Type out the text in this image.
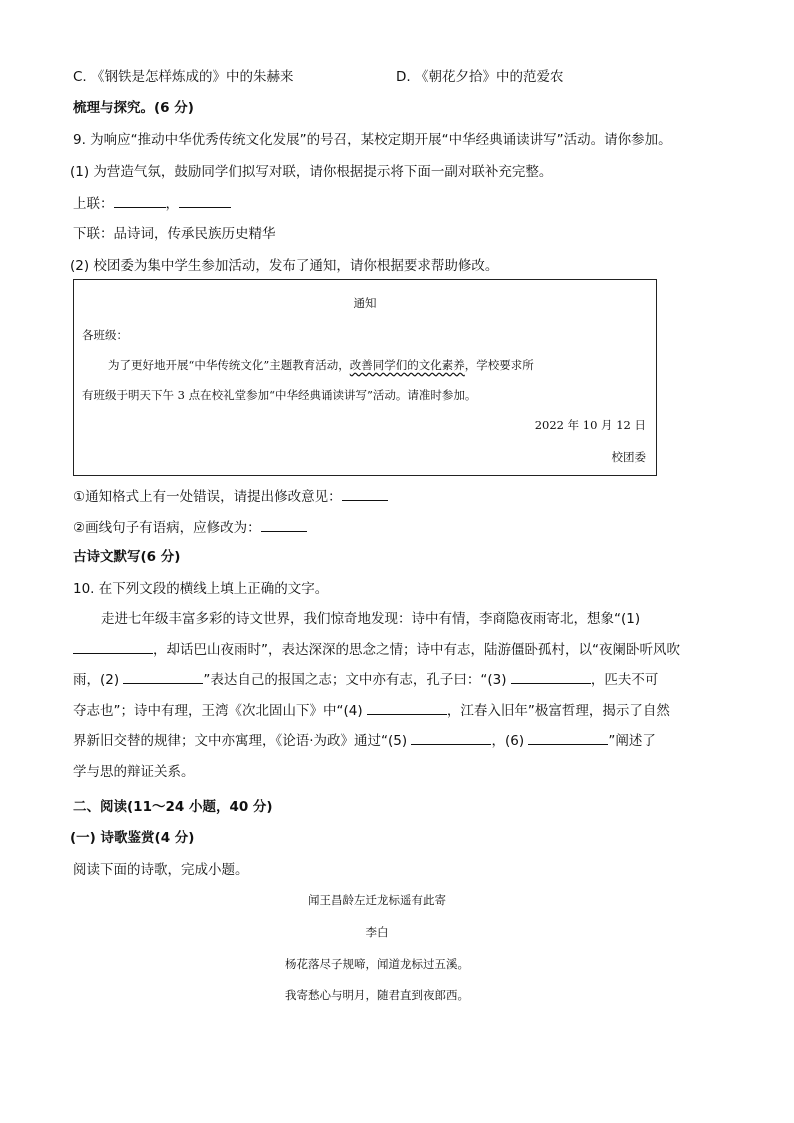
C. 《钢铁是怎样炼成的》中的朱赫来	D. 《朝花夕拾》中的范爱农
梳理与探究。(6 分)
9. 为响应“推动中华优秀传统文化发展”的号召，某校定期开展“中华经典诵读讲写”活动。请你参加。
(1) 为营造气氛，鼓励同学们拟写对联，请你根据提示将下面一副对联补充完整。
上联：	，
下联：品诗词，传承民族历史精华
(2) 校团委为集中学生参加活动，发布了通知，请你根据要求帮助修改。
通知
各班级：
为了更好地开展“中华传统文化”主题教育活动，改善同学们的文化素养，学校要求所
有班级于明天下午 3 点在校礼堂参加“中华经典诵读讲写”活动。请准时参加。
2022 年 10 月 12 日
校团委
①通知格式上有一处错误，请提出修改意见：
②画线句子有语病，应修改为：
古诗文默写(6 分)
10. 在下列文段的横线上填上正确的文字。
走进七年级丰富多彩的诗文世界，我们惊奇地发现：诗中有情，李商隐夜雨寄北，想象“(1)
，却话巴山夜雨时”，表达深深的思念之情；诗中有志，陆游僵卧孤村，以“夜阑卧听风吹
雨，(2)	”表达自己的报国之志；文中亦有志，孔子曰：“(3)	，匹夫不可
夺志也”；诗中有理，王湾《次北固山下》中“(4)	，江春入旧年”极富哲理，揭示了自然
界新旧交替的规律；文中亦寓理，《论语·为政》通过“(5)	，(6)	”阐述了
学与思的辩证关系。
二、阅读(11～24 小题，40 分)
(一) 诗歌鉴赏(4 分)
阅读下面的诗歌，完成小题。
闻王昌龄左迁龙标遥有此寄
李白
杨花落尽子规啼，闻道龙标过五溪。
我寄愁心与明月，随君直到夜郎西。
